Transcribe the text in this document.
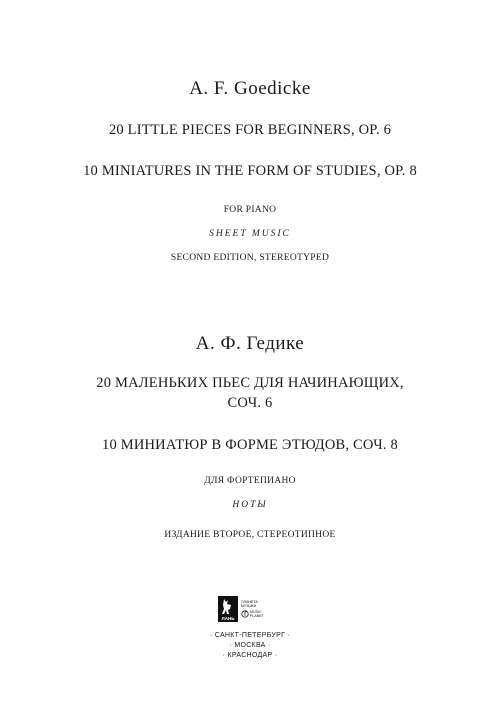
A. F. Goedicke
20 LITTLE PIECES FOR BEGINNERS, OP. 6
10 MINIATURES IN THE FORM OF STUDIES, OP. 8
FOR PIANO
SHEET MUSIC
SECOND EDITION, STEREOTYPED
А. Ф. Гедике
20 МАЛЕНЬКИХ ПЬЕС ДЛЯ НАЧИНАЮЩИХ,
СОЧ. 6
10 МИНИАТЮР В ФОРМЕ ЭТЮДОВ, СОЧ. 8
ДЛЯ ФОРТЕПИАНО
НОТЫ
ИЗДАНИЕ ВТОРОЕ, СТЕРЕОТИПНОЕ
ЛАНЬ
ПЛАНЕТА
МУЗЫКИ
MUSIC
PLANET
· САНКТ-ПЕТЕРБУРГ ·
· МОСКВА ·
· КРАСНОДАР ·
